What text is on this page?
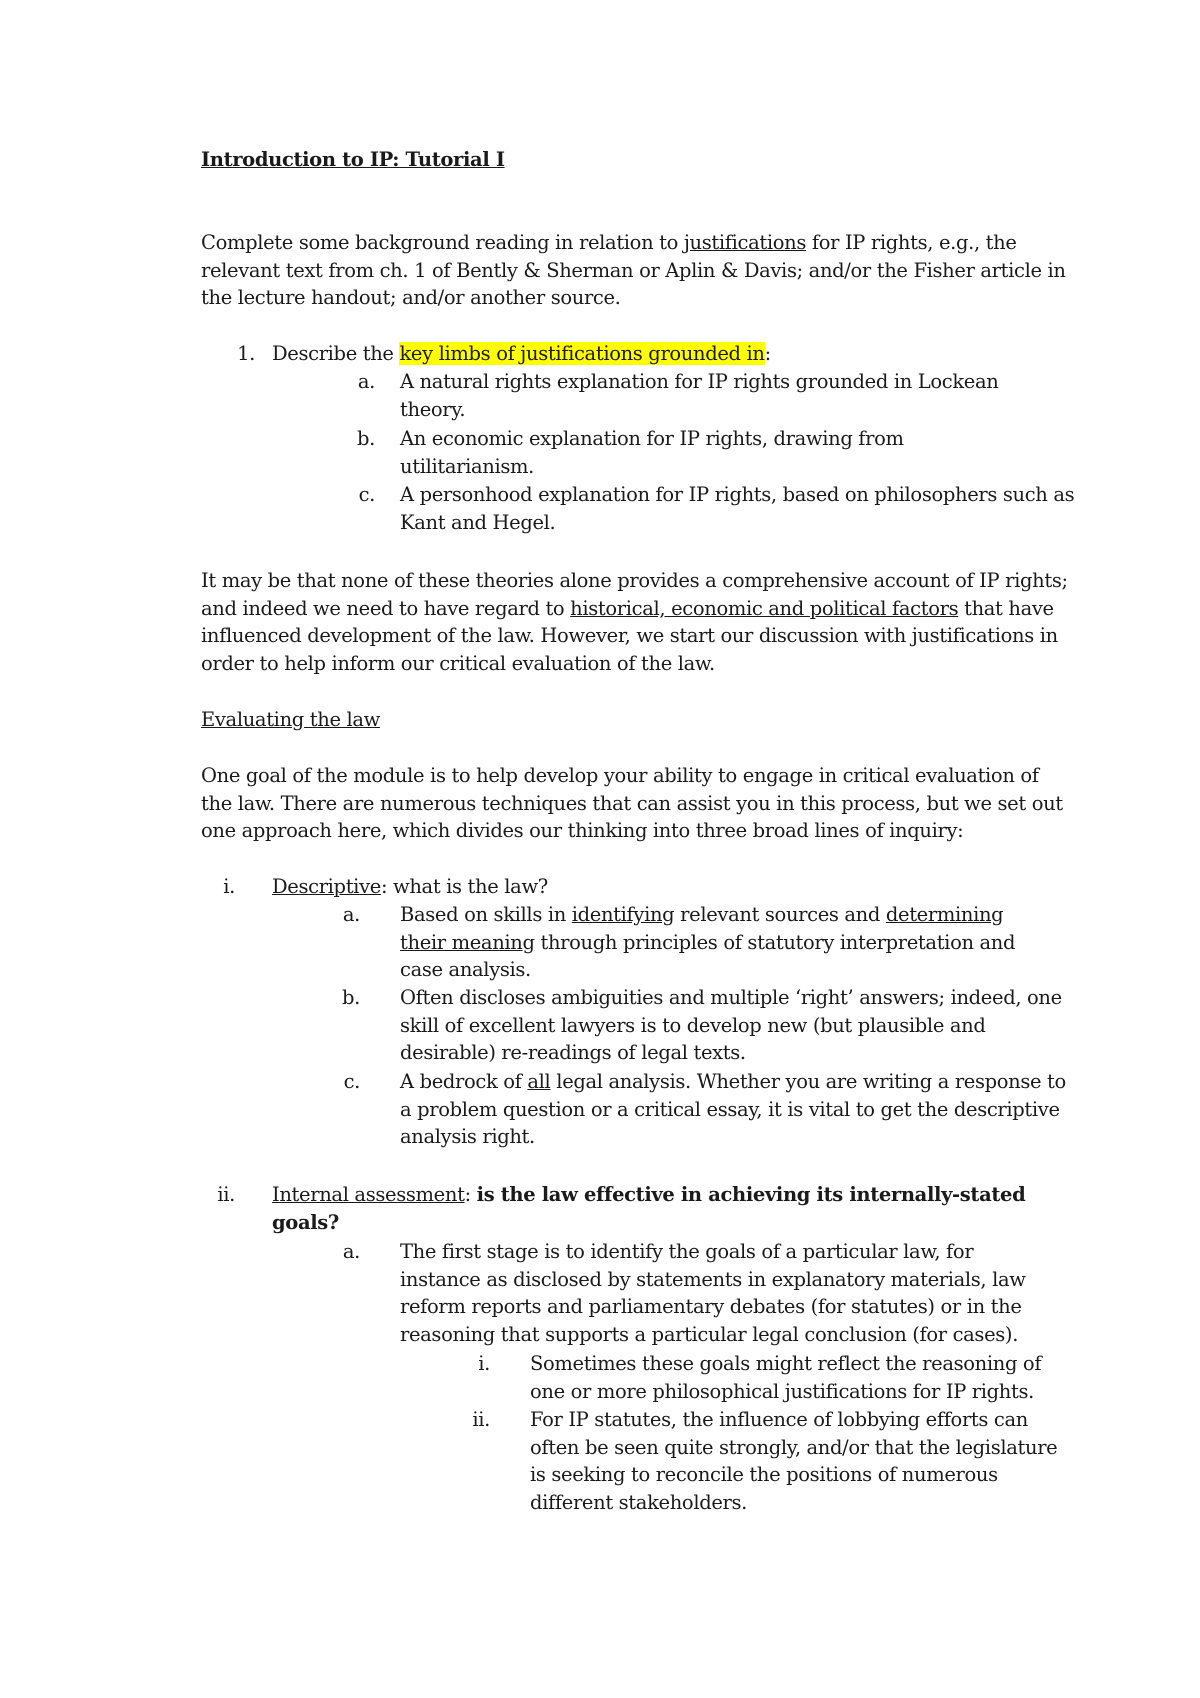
Introduction to IP: Tutorial I

Complete some background reading in relation to justifications for IP rights, e.g., the relevant text from ch. 1 of Bently & Sherman or Aplin & Davis; and/or the Fisher article in the lecture handout; and/or another source.

1. Describe the key limbs of justifications grounded in:
a. A natural rights explanation for IP rights grounded in Lockean theory.
b. An economic explanation for IP rights, drawing from utilitarianism.
c. A personhood explanation for IP rights, based on philosophers such as Kant and Hegel.

It may be that none of these theories alone provides a comprehensive account of IP rights; and indeed we need to have regard to historical, economic and political factors that have influenced development of the law. However, we start our discussion with justifications in order to help inform our critical evaluation of the law.

Evaluating the law

One goal of the module is to help develop your ability to engage in critical evaluation of the law. There are numerous techniques that can assist you in this process, but we set out one approach here, which divides our thinking into three broad lines of inquiry:

i. Descriptive: what is the law?
a. Based on skills in identifying relevant sources and determining their meaning through principles of statutory interpretation and case analysis.
b. Often discloses ambiguities and multiple ‘right’ answers; indeed, one skill of excellent lawyers is to develop new (but plausible and desirable) re-readings of legal texts.
c. A bedrock of all legal analysis. Whether you are writing a response to a problem question or a critical essay, it is vital to get the descriptive analysis right.
ii. Internal assessment: is the law effective in achieving its internally-stated goals?
a. The first stage is to identify the goals of a particular law, for instance as disclosed by statements in explanatory materials, law reform reports and parliamentary debates (for statutes) or in the reasoning that supports a particular legal conclusion (for cases).
i. Sometimes these goals might reflect the reasoning of one or more philosophical justifications for IP rights.
ii. For IP statutes, the influence of lobbying efforts can often be seen quite strongly, and/or that the legislature is seeking to reconcile the positions of numerous different stakeholders.
